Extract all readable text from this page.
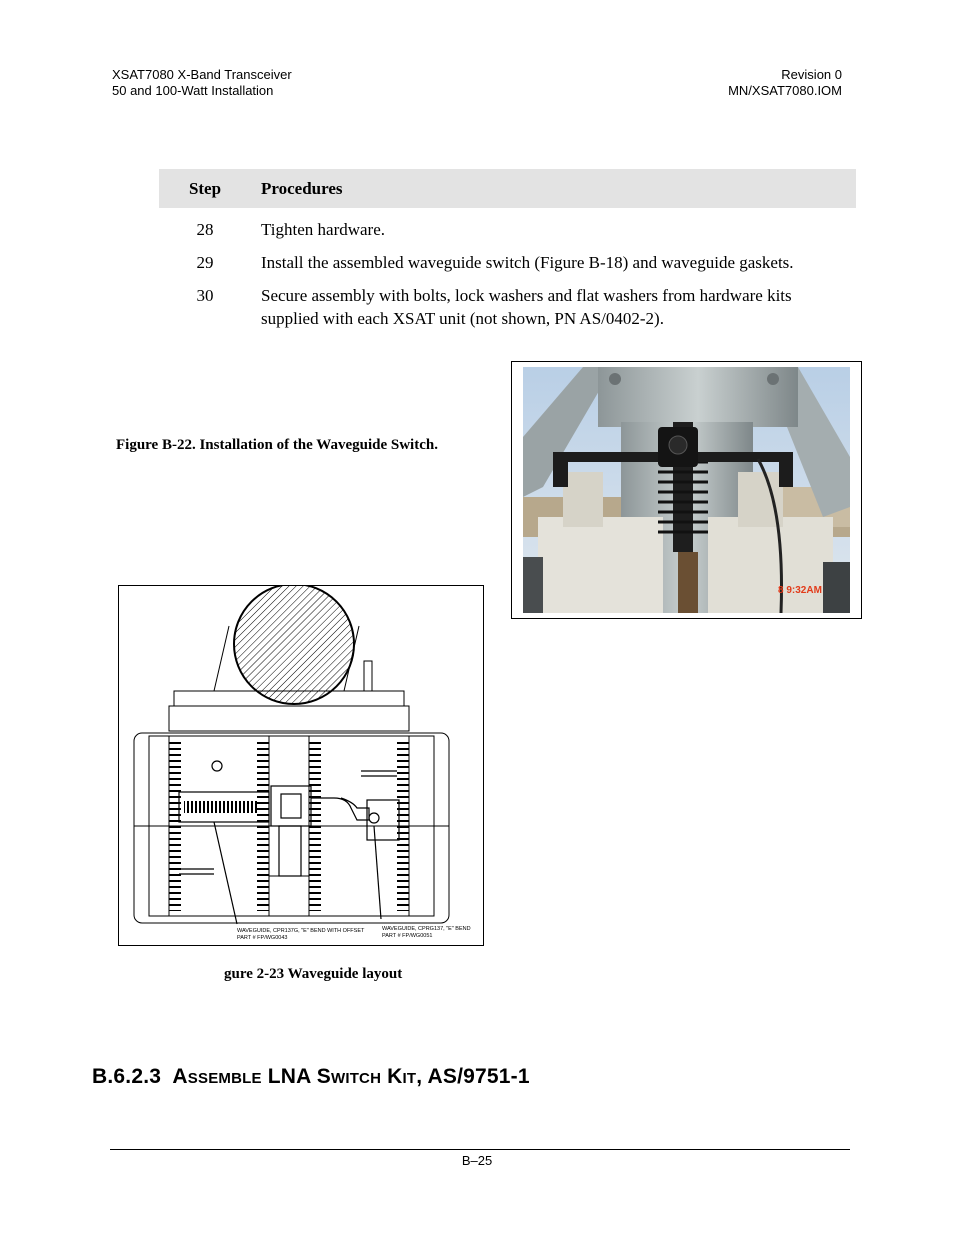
XSAT7080 X-Band Transceiver
50 and 100-Watt Installation
Revision 0
MN/XSAT7080.IOM
Step	Procedures
28	Tighten hardware.
29	Install the assembled waveguide switch (Figure B-18) and waveguide gaskets.
30	Secure assembly with bolts, lock washers and flat washers from hardware kits supplied with each XSAT unit (not shown, PN AS/0402-2).
Figure B-22. Installation of the Waveguide Switch.
8 9:32AM
WAVEGUIDE, CPR137G, "E" BEND WITH OFFSET
PART # FP/WG0043
WAVEGUIDE, CPRG137, "E" BEND
PART # FP/WG0051
gure 2-23 Waveguide layout
B.6.2.3 ASSEMBLE LNA SWITCH KIT, AS/9751-1
B–25
